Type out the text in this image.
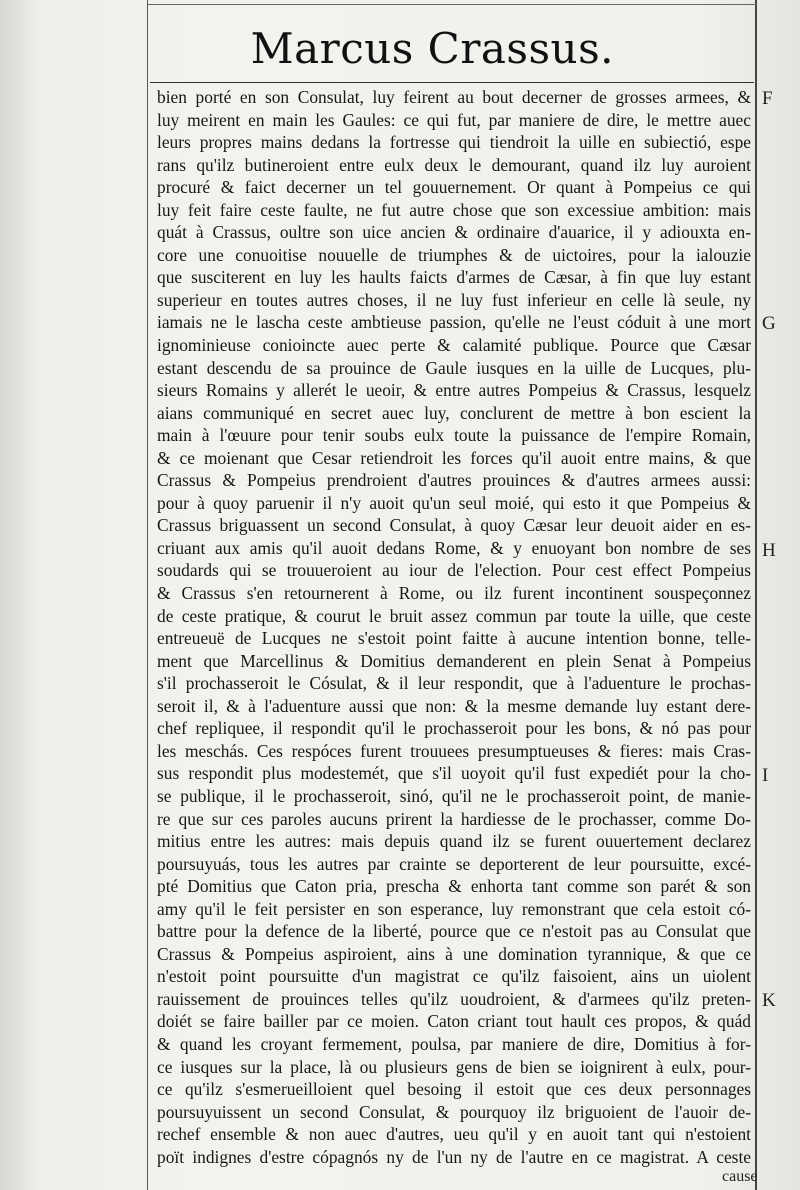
Marcus Crassus.
bien porté en son Consulat, luy feirent au bout decerner de grosses armees, &
luy meirent en main les Gaules: ce qui fut, par maniere de dire, le mettre auec
leurs propres mains dedans la fortresse qui tiendroit la uille en subiectió, espe
rans qu'ilz butineroient entre eulx deux le demourant, quand ilz luy auroient
procuré & faict decerner un tel gouuernement. Or quant à Pompeius ce qui
luy feit faire ceste faulte, ne fut autre chose que son excessiue ambition: mais
quát à Crassus, oultre son uice ancien & ordinaire d'auarice, il y adiouxta en-
core une conuoitise nouuelle de triumphes & de uictoires, pour la ialouzie
que susciterent en luy les haults faicts d'armes de Cæsar, à fin que luy estant
superieur en toutes autres choses, il ne luy fust inferieur en celle là seule, ny
iamais ne le lascha ceste ambtieuse passion, qu'elle ne l'eust códuit à une mort
ignominieuse conioincte auec perte & calamité publique. Pource que Cæsar
estant descendu de sa prouince de Gaule iusques en la uille de Lucques, plu-
sieurs Romains y allerét le ueoir, & entre autres Pompeius & Crassus, lesquelz
aians communiqué en secret auec luy, conclurent de mettre à bon escient la
main à l'œuure pour tenir soubs eulx toute la puissance de l'empire Romain,
& ce moienant que Cesar retiendroit les forces qu'il auoit entre mains, & que
Crassus & Pompeius prendroient d'autres prouinces & d'autres armees aussi:
pour à quoy paruenir il n'y auoit qu'un seul moié, qui esto it que Pompeius &
Crassus briguassent un second Consulat, à quoy Cæsar leur deuoit aider en es-
criuant aux amis qu'il auoit dedans Rome, & y enuoyant bon nombre de ses
soudards qui se trouueroient au iour de l'election. Pour cest effect Pompeius
& Crassus s'en retournerent à Rome, ou ilz furent incontinent souspeçonnez
de ceste pratique, & courut le bruit assez commun par toute la uille, que ceste
entreueuë de Lucques ne s'estoit point faitte à aucune intention bonne, telle-
ment que Marcellinus & Domitius demanderent en plein Senat à Pompeius
s'il prochasseroit le Cósulat, & il leur respondit, que à l'aduenture le prochas-
seroit il, & à l'aduenture aussi que non: & la mesme demande luy estant dere-
chef repliquee, il respondit qu'il le prochasseroit pour les bons, & nó pas pour
les meschás. Ces respóces furent trouuees presumptueuses & fieres: mais Cras-
sus respondit plus modestemét, que s'il uoyoit qu'il fust expediét pour la cho-
se publique, il le prochasseroit, sinó, qu'il ne le prochasseroit point, de manie-
re que sur ces paroles aucuns prirent la hardiesse de le prochasser, comme Do-
mitius entre les autres: mais depuis quand ilz se furent ouuertement declarez
poursuyuás, tous les autres par crainte se deporterent de leur poursuitte, excé-
pté Domitius que Caton pria, prescha & enhorta tant comme son parét & son
amy qu'il le feit persister en son esperance, luy remonstrant que cela estoit có-
battre pour la defence de la liberté, pource que ce n'estoit pas au Consulat que
Crassus & Pompeius aspiroient, ains à une domination tyrannique, & que ce
n'estoit point poursuitte d'un magistrat ce qu'ilz faisoient, ains un uiolent
rauissement de prouinces telles qu'ilz uoudroient, & d'armees qu'ilz preten-
doiét se faire bailler par ce moien. Caton criant tout hault ces propos, & quád
& quand les croyant fermement, poulsa, par maniere de dire, Domitius à for-
ce iusques sur la place, là ou plusieurs gens de bien se ioignirent à eulx, pour-
ce qu'ilz s'esmerueilloient quel besoing il estoit que ces deux personnages
poursuyuissent un second Consulat, & pourquoy ilz briguoient de l'auoir de-
rechef ensemble & non auec d'autres, ueu qu'il y en auoit tant qui n'estoient
poït indignes d'estre cópagnós ny de l'un ny de l'autre en ce magistrat. A ceste
F
G
H
I
K
cause
